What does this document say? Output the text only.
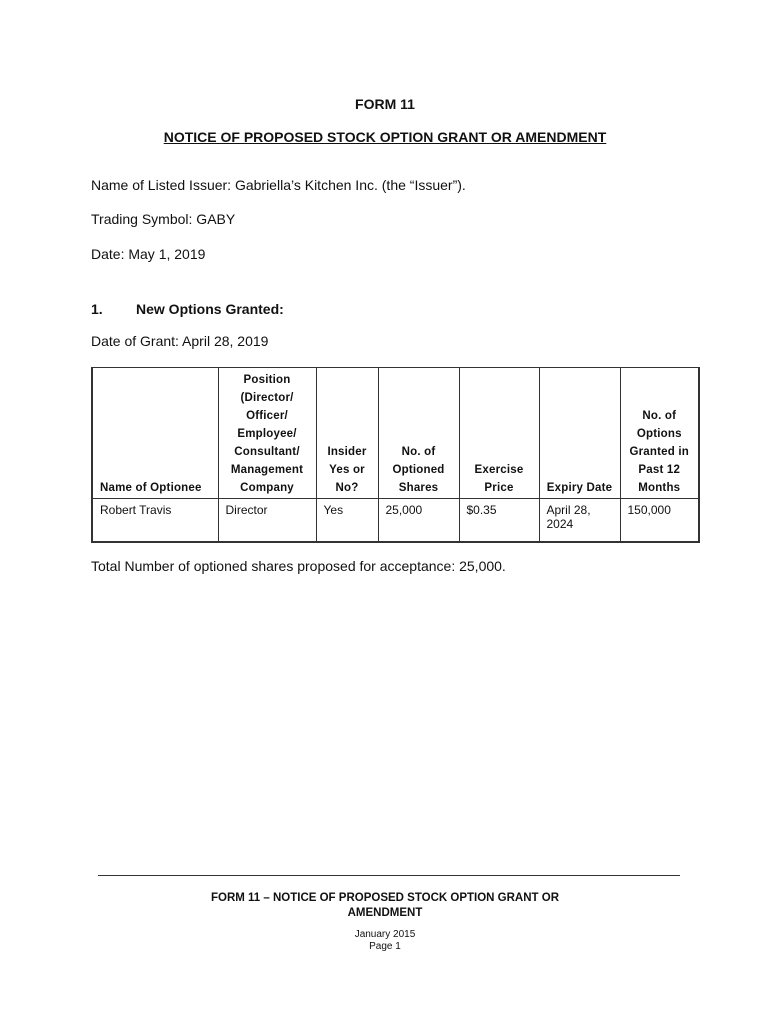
FORM 11
NOTICE OF PROPOSED STOCK OPTION GRANT OR AMENDMENT
Name of Listed Issuer: Gabriella’s Kitchen Inc. (the “Issuer”).
Trading Symbol: GABY
Date: May 1, 2019
1. New Options Granted:
Date of Grant: April 28, 2019
Name of Optionee	Position (Director/ Officer/ Employee/ Consultant/ Management Company	Insider Yes or No?	No. of Optioned Shares	Exercise Price	Expiry Date	No. of Options Granted in Past 12 Months
Robert Travis	Director	Yes	25,000	$0.35	April 28, 2024	150,000
Total Number of optioned shares proposed for acceptance: 25,000.
FORM 11 – NOTICE OF PROPOSED STOCK OPTION GRANT OR AMENDMENT
January 2015
Page 1
